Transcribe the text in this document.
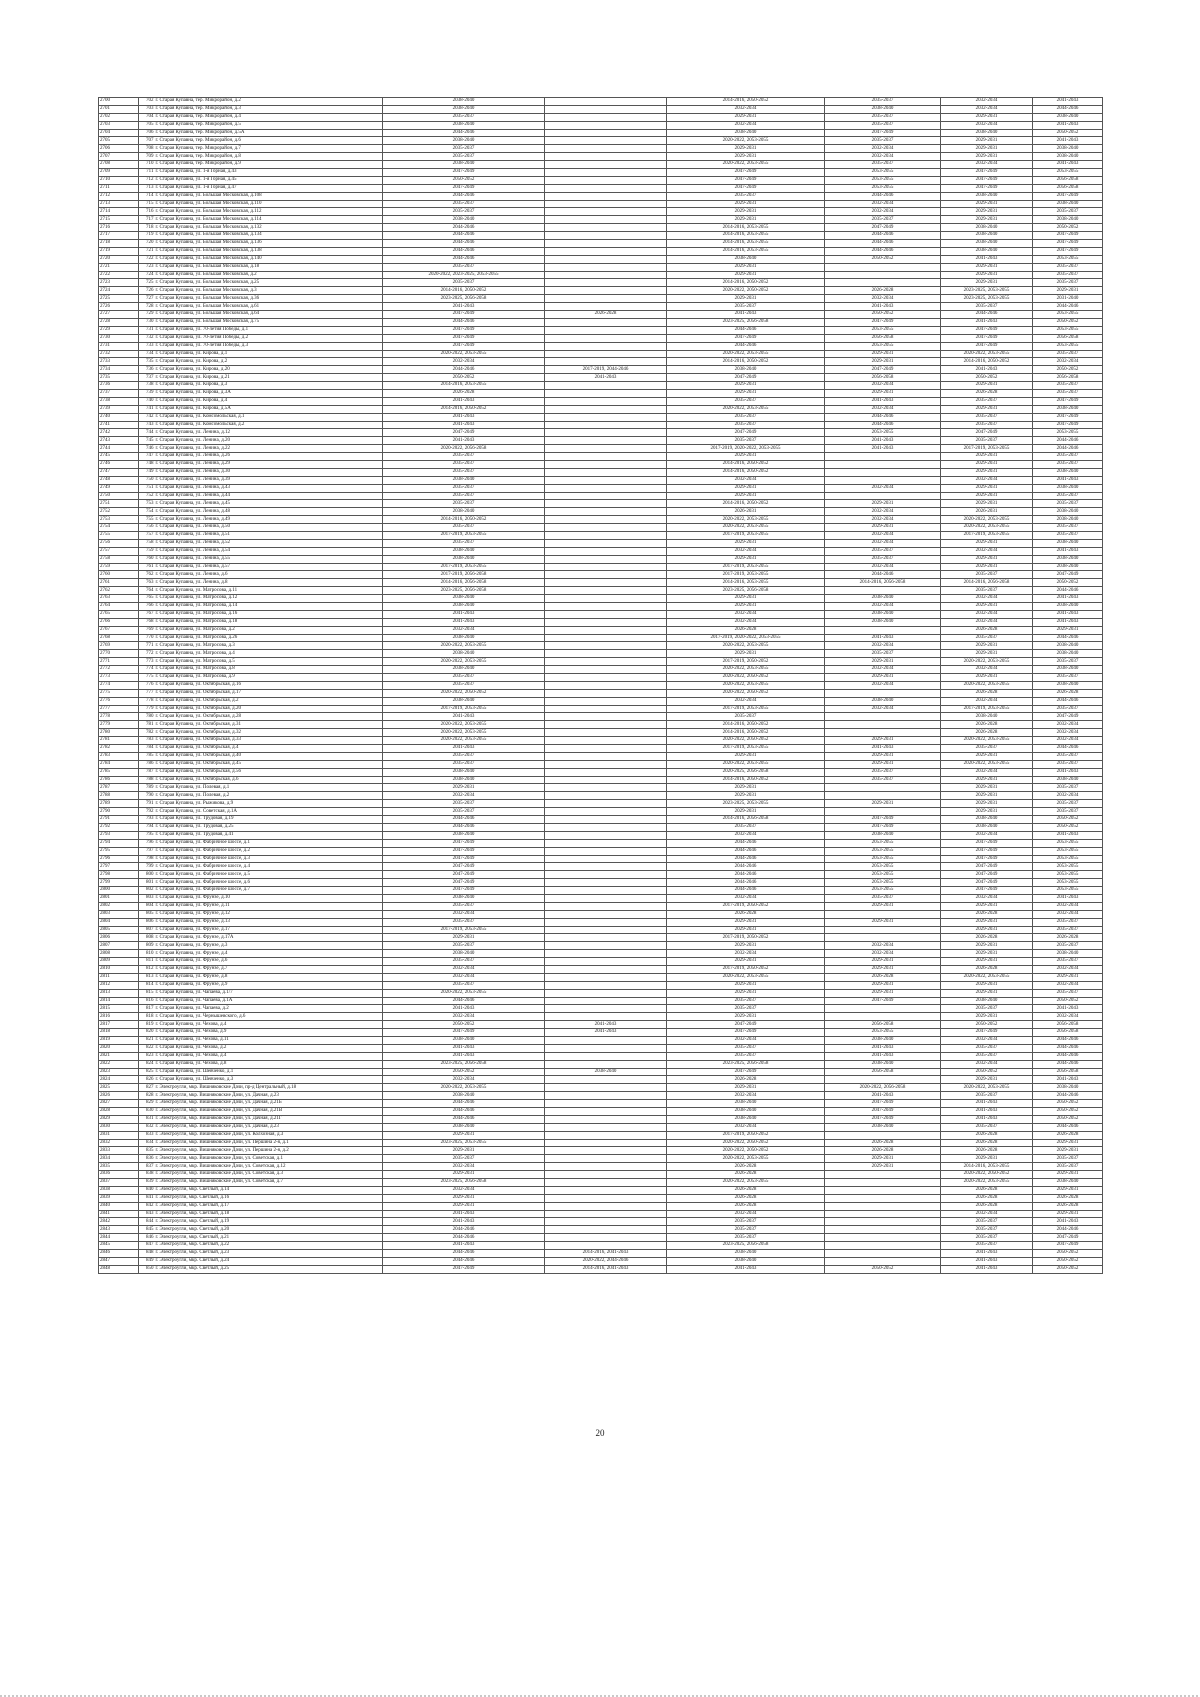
2700	702	г. Старая Купавна, тер. Микрорайон, д.2	2038-2040		2014-2016, 2050-2052	2035-2037	2032-2034	2041-2043
2701	703	г. Старая Купавна, тер. Микрорайон, д.3	2038-2040		2032-2034	2038-2040	2032-2034	2044-2046
2702	704	г. Старая Купавна, тер. Микрорайон, д.4	2035-2037		2029-2031	2035-2037	2029-2031	2038-2040
2703	705	г. Старая Купавна, тер. Микрорайон, д.5	2038-2040		2032-2034	2035-2037	2032-2034	2041-2043
2704	706	г. Старая Купавна, тер. Микрорайон, д.5А	2044-2046		2038-2040	2047-2049	2038-2040	2050-2052
2705	707	г. Старая Купавна, тер. Микрорайон, д.6	2038-2040		2020-2022, 2053-2055	2035-2037	2029-2031	2041-2043
2706	708	г. Старая Купавна, тер. Микрорайон, д.7	2035-2037		2029-2031	2032-2034	2029-2031	2038-2040
2707	709	г. Старая Купавна, тер. Микрорайон, д.8	2035-2037		2029-2031	2032-2034	2029-2031	2038-2040
2708	710	г. Старая Купавна, тер. Микрорайон, д.9	2038-2040		2020-2022, 2053-2055	2035-2037	2032-2034	2041-2043
2709	711	г. Старая Купавна, ул. 1-я Горная, д.43	2047-2049		2047-2049	2053-2055	2047-2049	2053-2055
2710	712	г. Старая Купавна, ул. 1-я Горная, д.45	2050-2052		2047-2049	2053-2055	2047-2049	2056-2058
2711	713	г. Старая Купавна, ул. 1-я Горная, д.47	2047-2049		2047-2049	2053-2055	2047-2049	2056-2058
2712	714	г. Старая Купавна, ул. Большая Московская, д.108	2044-2046		2035-2037	2044-2046	2038-2040	2047-2049
2713	715	г. Старая Купавна, ул. Большая Московская, д.110	2035-2037		2029-2031	2032-2034	2029-2031	2038-2040
2714	716	г. Старая Купавна, ул. Большая Московская, д.112	2035-2037		2029-2031	2032-2034	2029-2031	2035-2037
2715	717	г. Старая Купавна, ул. Большая Московская, д.114	2038-2040		2029-2031	2035-2037	2029-2031	2038-2040
2716	718	г. Старая Купавна, ул. Большая Московская, д.132	2044-2046		2014-2016, 2053-2055	2047-2049	2038-2040	2050-2052
2717	719	г. Старая Купавна, ул. Большая Московская, д.134	2044-2046		2014-2016, 2053-2055	2044-2046	2038-2040	2047-2049
2718	720	г. Старая Купавна, ул. Большая Московская, д.136	2044-2046		2014-2016, 2053-2055	2044-2046	2038-2040	2047-2049
2719	721	г. Старая Купавна, ул. Большая Московская, д.138	2044-2046		2014-2016, 2053-2055	2044-2046	2038-2040	2047-2049
2720	722	г. Старая Купавна, ул. Большая Московская, д.140	2044-2046		2038-2040	2050-2052	2041-2043	2053-2055
2721	723	г. Старая Купавна, ул. Большая Московская, д.18	2035-2037		2029-2031		2029-2031	2035-2037
2722	724	г. Старая Купавна, ул. Большая Московская, д.2	2020-2022, 2023-2025, 2053-2055		2029-2031		2029-2031	2035-2037
2723	725	г. Старая Купавна, ул. Большая Московская, д.25	2035-2037		2014-2016, 2050-2052		2029-2031	2035-2037
2724	726	г. Старая Купавна, ул. Большая Московская, д.3	2014-2016, 2050-2052		2020-2022, 2050-2052	2026-2028	2023-2025, 2053-2055	2029-2031
2725	727	г. Старая Купавна, ул. Большая Московская, д.36	2023-2025, 2056-2058		2029-2031	2032-2034	2023-2025, 2053-2055	2031-2040
2726	728	г. Старая Купавна, ул. Большая Московская, д.61	2041-2043		2035-2037	2041-2043	2035-2037	2044-2046
2727	729	г. Старая Купавна, ул. Большая Московская, д.64	2047-2049	2026-2028	2041-2043	2050-2052	2044-2046	2053-2055
2728	730	г. Старая Купавна, ул. Большая Московская, д.75	2044-2046		2023-2025, 2056-2058	2047-2049	2041-2043	2050-2052
2729	731	г. Старая Купавна, ул. 70-летия Победы, д.1	2047-2049		2044-2046	2053-2055	2047-2049	2053-2055
2730	732	г. Старая Купавна, ул. 70-летия Победы, д.2	2047-2049		2047-2049	2056-2058	2047-2049	2056-2058
2731	733	г. Старая Купавна, ул. 70-летия Победы, д.3	2047-2049		2044-2046	2053-2055	2047-2049	2053-2055
2732	734	г. Старая Купавна, ул. Кирова, д.1	2020-2022, 2053-2055		2020-2022, 2053-2055	2029-2031	2020-2022, 2053-2055	2035-2037
2733	735	г. Старая Купавна, ул. Кирова, д.2	2032-2034		2014-2016, 2050-2052	2029-2031	2014-2016, 2050-2052	2032-2034
2734	736	г. Старая Купавна, ул. Кирова, д.20	2044-2046	2017-2019, 2044-2046	2038-2040	2047-2049	2041-2043	2050-2052
2735	737	г. Старая Купавна, ул. Кирова, д.21	2050-2052	2041-2043	2047-2049	2056-2058	2050-2052	2056-2058
2736	738	г. Старая Купавна, ул. Кирова, д.3	2014-2016, 2053-2055		2029-2031	2032-2034	2029-2031	2035-2037
2737	739	г. Старая Купавна, ул. Кирова, д.3А	2026-2028		2029-2031	2029-2031	2026-2028	2035-2037
2738	740	г. Старая Купавна, ул. Кирова, д.4	2041-2043		2035-2037	2041-2043	2035-2037	2047-2049
2739	741	г. Старая Купавна, ул. Кирова, д.5А	2014-2016, 2050-2052		2020-2022, 2053-2055	2032-2034	2029-2031	2038-2040
2740	742	г. Старая Купавна, ул. Комсомольская, д.1	2041-2043		2035-2037	2044-2046	2035-2037	2047-2049
2741	743	г. Старая Купавна, ул. Комсомольская, д.2	2041-2043		2035-2037	2044-2046	2035-2037	2047-2049
2742	744	г. Старая Купавна, ул. Ленина, д.12	2047-2049		2047-2049	2053-2055	2047-2049	2053-2055
2743	745	г. Старая Купавна, ул. Ленина, д.20	2041-2043		2035-2037	2041-2043	2035-2037	2044-2046
2744	746	г. Старая Купавна, ул. Ленина, д.22	2020-2022, 2056-2058		2017-2019, 2020-2022, 2053-2055	2041-2043	2017-2019, 2053-2055	2044-2046
2745	747	г. Старая Купавна, ул. Ленина, д.26	2035-2037		2029-2031		2029-2031	2035-2037
2746	748	г. Старая Купавна, ул. Ленина, д.29	2035-2037		2014-2016, 2050-2052		2029-2031	2035-2037
2747	749	г. Старая Купавна, ул. Ленина, д.30	2035-2037		2014-2016, 2050-2052		2029-2031	2038-2040
2748	750	г. Старая Купавна, ул. Ленина, д.39	2038-2040		2032-2034		2032-2034	2041-2043
2749	751	г. Старая Купавна, ул. Ленина, д.43	2035-2037		2029-2031	2032-2034	2029-2031	2038-2040
2750	752	г. Старая Купавна, ул. Ленина, д.44	2035-2037		2029-2031		2029-2031	2035-2037
2751	753	г. Старая Купавна, ул. Ленина, д.45	2035-2037		2014-2016, 2050-2052	2029-2031	2029-2031	2035-2037
2752	754	г. Старая Купавна, ул. Ленина, д.48	2038-2040		2026-2031	2032-2034	2026-2031	2038-2040
2753	755	г. Старая Купавна, ул. Ленина, д.49	2014-2016, 2050-2052		2020-2022, 2053-2055	2032-2034	2020-2022, 2053-2055	2038-2040
2754	756	г. Старая Купавна, ул. Ленина, д.50	2035-2037		2020-2022, 2053-2055	2029-2031	2020-2022, 2053-2055	2035-2037
2755	757	г. Старая Купавна, ул. Ленина, д.51	2017-2019, 2053-2055		2017-2019, 2053-2055	2032-2034	2017-2019, 2053-2055	2035-2037
2756	758	г. Старая Купавна, ул. Ленина, д.52	2035-2037		2029-2031	2032-2034	2029-2031	2038-2040
2757	759	г. Старая Купавна, ул. Ленина, д.54	2038-2040		2032-2034	2035-2037	2032-2034	2041-2043
2758	760	г. Старая Купавна, ул. Ленина, д.55	2038-2040		2029-2031	2035-2037	2029-2031	2038-2040
2759	761	г. Старая Купавна, ул. Ленина, д.57	2017-2019, 2053-2055		2017-2019, 2053-2055	2032-2034	2029-2031	2038-2040
2760	762	г. Старая Купавна, ул. Ленина, д.6	2017-2019, 2056-2058		2017-2019, 2053-2055	2044-2046	2035-2037	2047-2049
2761	763	г. Старая Купавна, ул. Ленина, д.8	2014-2016, 2056-2058		2014-2016, 2053-2055	2014-2016, 2056-2058	2014-2016, 2056-2058	2050-2052
2762	764	г. Старая Купавна, ул. Матросова, д.11	2023-2025, 2056-2058		2023-2025, 2056-2058		2035-2037	2044-2046
2763	765	г. Старая Купавна, ул. Матросова, д.12	2038-2040		2029-2031	2038-2040	2032-2034	2041-2043
2764	766	г. Старая Купавна, ул. Матросова, д.14	2038-2040		2029-2031	2032-2034	2029-2031	2038-2040
2765	767	г. Старая Купавна, ул. Матросова, д.16	2041-2043		2032-2034	2038-2040	2032-2034	2041-2043
2766	768	г. Старая Купавна, ул. Матросова, д.18	2041-2043		2032-2034	2038-2040	2032-2034	2041-2043
2767	769	г. Старая Купавна, ул. Матросова, д.2	2032-2034		2026-2028		2026-2028	2029-2031
2768	770	г. Старая Купавна, ул. Матросова, д.26	2038-2040		2017-2019, 2020-2022, 2053-2055	2041-2043	2035-2037	2044-2046
2769	771	г. Старая Купавна, ул. Матросова, д.3	2020-2022, 2053-2055		2020-2022, 2053-2055	2032-2034	2029-2031	2038-2040
2770	772	г. Старая Купавна, ул. Матросова, д.4	2038-2040		2029-2031	2035-2037	2029-2031	2038-2040
2771	773	г. Старая Купавна, ул. Матросова, д.5	2020-2022, 2053-2055		2017-2019, 2050-2052	2029-2031	2020-2022, 2053-2055	2035-2037
2772	774	г. Старая Купавна, ул. Матросова, д.8	2038-2040		2020-2022, 2053-2055	2032-2034	2032-2034	2038-2040
2773	775	г. Старая Купавна, ул. Матросова, д.9	2035-2037		2020-2022, 2050-2052	2029-2031	2029-2031	2035-2037
2774	776	г. Старая Купавна, ул. Октябрьская, д.16	2035-2037		2020-2022, 2053-2055	2032-2034	2020-2022, 2053-2055	2038-2040
2775	777	г. Старая Купавна, ул. Октябрьская, д.17	2020-2022, 2050-2052		2020-2022, 2050-2052		2026-2028	2026-2028
2776	778	г. Старая Купавна, ул. Октябрьская, д.2	2038-2040		2032-2034	2038-2040	2032-2034	2044-2046
2777	779	г. Старая Купавна, ул. Октябрьская, д.20	2017-2019, 2053-2055		2017-2019, 2053-2055	2032-2034	2017-2019, 2053-2055	2035-2037
2778	780	г. Старая Купавна, ул. Октябрьская, д.28	2041-2043		2035-2037		2038-2040	2047-2049
2779	781	г. Старая Купавна, ул. Октябрьская, д.31	2020-2022, 2053-2055		2014-2016, 2050-2052		2026-2028	2032-2034
2780	782	г. Старая Купавна, ул. Октябрьская, д.32	2020-2022, 2053-2055		2014-2016, 2050-2052		2026-2028	2032-2034
2781	783	г. Старая Купавна, ул. Октябрьская, д.33	2020-2022, 2053-2055		2020-2022, 2050-2052	2029-2031	2020-2022, 2053-2055	2032-2034
2782	784	г. Старая Купавна, ул. Октябрьская, д.4	2041-2043		2017-2019, 2053-2055	2041-2043	2035-2037	2044-2046
2783	785	г. Старая Купавна, ул. Октябрьская, д.40	2035-2037		2029-2031	2029-2031	2029-2031	2035-2037
2784	786	г. Старая Купавна, ул. Октябрьская, д.45	2035-2037		2020-2022, 2053-2055	2029-2031	2020-2022, 2053-2055	2035-2037
2785	787	г. Старая Купавна, ул. Октябрьская, д.56	2038-2040		2020-2025, 2056-2058	2035-2037	2032-2034	2041-2043
2786	788	г. Старая Купавна, ул. Октябрьская, д.6	2038-2040		2014-2016, 2050-2052	2035-2037	2029-2031	2038-2040
2787	789	г. Старая Купавна, ул. Полевая, д.1	2029-2031		2029-2031		2029-2031	2035-2037
2788	790	г. Старая Купавна, ул. Полевая, д.2	2032-2034		2029-2031		2029-2031	2032-2034
2789	791	г. Старая Купавна, ул. Рыжикова, д.9	2035-2037		2023-2025, 2053-2055	2029-2031	2029-2031	2035-2037
2790	792	г. Старая Купавна, ул. Советская, д.1А	2035-2037		2029-2031		2029-2031	2035-2037
2791	793	г. Старая Купавна, ул. Трудовая, д.19	2044-2046		2014-2016, 2056-2058	2047-2049	2038-2040	2050-2052
2792	794	г. Старая Купавна, ул. Трудовая, д.25	2044-2046		2035-2037	2047-2049	2038-2040	2050-2052
2793	795	г. Старая Купавна, ул. Трудовая, д.41	2038-2040		2032-2034	2038-2040	2032-2034	2041-2043
2794	796	г. Старая Купавна, ул. Фабричное шоссе, д.1	2047-2049		2044-2046	2053-2055	2047-2049	2053-2055
2795	797	г. Старая Купавна, ул. Фабричное шоссе, д.2	2047-2049		2044-2046	2053-2055	2047-2049	2053-2055
2796	798	г. Старая Купавна, ул. Фабричное шоссе, д.3	2047-2049		2044-2046	2053-2055	2047-2049	2053-2055
2797	799	г. Старая Купавна, ул. Фабричное шоссе, д.4	2047-2049		2044-2046	2053-2055	2047-2049	2053-2055
2798	800	г. Старая Купавна, ул. Фабричное шоссе, д.5	2047-2049		2044-2046	2053-2055	2047-2049	2053-2055
2799	801	г. Старая Купавна, ул. Фабричное шоссе, д.6	2047-2049		2044-2046	2053-2055	2047-2049	2053-2055
2800	802	г. Старая Купавна, ул. Фабричное шоссе, д.7	2047-2049		2044-2046	2053-2055	2047-2049	2053-2055
2801	803	г. Старая Купавна, ул. Фрунзе, д.10	2038-2040		2032-2034	2035-2037	2032-2034	2041-2043
2802	804	г. Старая Купавна, ул. Фрунзе, д.11	2035-2037		2017-2019, 2050-2052	2029-2031	2029-2031	2032-2034
2803	805	г. Старая Купавна, ул. Фрунзе, д.12	2032-2034		2026-2028		2026-2028	2032-2034
2804	806	г. Старая Купавна, ул. Фрунзе, д.13	2035-2037		2029-2031	2029-2031	2029-2031	2035-2037
2805	807	г. Старая Купавна, ул. Фрунзе, д.17	2017-2019, 2053-2055		2029-2031		2029-2031	2035-2037
2806	808	г. Старая Купавна, ул. Фрунзе, д.17А	2029-2031		2017-2019, 2050-2052		2026-2028	2026-2028
2807	809	г. Старая Купавна, ул. Фрунзе, д.3	2035-2037		2029-2031	2032-2034	2029-2031	2035-2037
2808	810	г. Старая Купавна, ул. Фрунзе, д.4	2038-2040		2032-2034	2032-2034	2029-2031	2038-2040
2809	811	г. Старая Купавна, ул. Фрунзе, д.6	2035-2037		2029-2031	2029-2031	2029-2031	2035-2037
2810	812	г. Старая Купавна, ул. Фрунзе, д.7	2032-2034		2017-2019, 2050-2052	2029-2031	2026-2028	2032-2034
2811	813	г. Старая Купавна, ул. Фрунзе, д.8	2032-2034		2020-2022, 2053-2055	2026-2028	2020-2022, 2053-2055	2029-2031
2812	814	г. Старая Купавна, ул. Фрунзе, д.9	2035-2037		2029-2031	2029-2031	2029-2031	2032-2034
2813	815	г. Старая Купавна, ул. Чапаева, д.1/7	2020-2022, 2053-2055		2029-2031	2029-2031	2029-2031	2035-2037
2814	816	г. Старая Купавна, ул. Чапаева, д.1А	2044-2046		2035-2037	2047-2049	2038-2040	2050-2052
2815	817	г. Старая Купавна, ул. Чапаева, д.2	2041-2043		2035-2037		2035-2037	2041-2043
2816	818	г. Старая Купавна, ул. Чернышевского, д.6	2032-2034		2029-2031		2029-2031	2032-2034
2817	819	г. Старая Купавна, ул. Чехова, д.4	2050-2052	2041-2043	2047-2049	2056-2058	2050-2052	2056-2058
2818	820	г. Старая Купавна, ул. Чехова, д.9	2047-2049	2041-2043	2047-2049	2053-2055	2047-2049	2056-2058
2819	821	г. Старая Купавна, ул. Чехова, д.11	2038-2040		2032-2034	2038-2040	2032-2034	2044-2046
2820	822	г. Старая Купавна, ул. Чехова, д.2	2041-2043		2035-2037	2041-2043	2035-2037	2044-2046
2821	823	г. Старая Купавна, ул. Чехова, д.4	2041-2043		2035-2037	2041-2043	2035-2037	2044-2046
2822	824	г. Старая Купавна, ул. Чехова, д.8	2023-2025, 2056-2058		2023-2025, 2056-2058	2038-2040	2032-2034	2044-2046
2823	825	г. Старая Купавна, ул. Шевченко, д.1	2050-2052	2038-2040	2047-2049	2056-2058	2050-2052	2056-2058
2824	826	г. Старая Купавна, ул. Шевченко, д.3	2032-2034		2026-2028		2029-2031	2041-2043
2825	827	г. Электроугли, мкр. Вишняковские Дачи, пр-д Центральный, д.18	2020-2022, 2053-2055		2029-2031	2020-2022, 2056-2058	2020-2022, 2053-2055	2038-2040
2826	828	г. Электроугли, мкр. Вишняковские Дачи, ул. Дачная, д.23	2038-2040		2032-2034	2041-2043	2035-2037	2044-2046
2827	829	г. Электроугли, мкр. Вишняковские Дачи, ул. Дачная, д.21Б	2044-2046		2038-2040	2047-2049	2041-2043	2050-2052
2828	830	г. Электроугли, мкр. Вишняковские Дачи, ул. Дачная, д.21В	2044-2046		2038-2040	2047-2049	2041-2043	2050-2052
2829	831	г. Электроугли, мкр. Вишняковские Дачи, ул. Дачная, д.21Г	2044-2046		2038-2040	2047-2049	2041-2043	2050-2052
2830	832	г. Электроугли, мкр. Вишняковские Дачи, ул. Дачная, д.23	2038-2040		2032-2034	2038-2040	2035-2037	2044-2046
2831	833	г. Электроугли, мкр. Вишняковские Дачи, ул. Колхозная, д.3	2029-2031		2017-2019, 2050-2052		2026-2028	2026-2028
2832	834	г. Электроугли, мкр. Вишняковские Дачи, ул. Першина 2-я, д.1	2023-2025, 2053-2055		2020-2022, 2050-2052	2026-2028	2026-2028	2029-2031
2833	835	г. Электроугли, мкр. Вишняковские Дачи, ул. Першина 2-я, д.2	2029-2031		2020-2022, 2050-2052	2026-2028	2026-2028	2029-2031
2834	836	г. Электроугли, мкр. Вишняковские Дачи, ул. Советская, д.1	2035-2037		2020-2022, 2053-2055	2029-2031	2029-2031	2035-2037
2835	837	г. Электроугли, мкр. Вишняковские Дачи, ул. Советская, д.12	2032-2034		2026-2028	2029-2031	2014-2016, 2053-2055	2035-2037
2836	838	г. Электроугли, мкр. Вишняковские Дачи, ул. Советская, д.3	2029-2031		2026-2028		2020-2022, 2050-2052	2029-2031
2837	839	г. Электроугли, мкр. Вишняковские Дачи, ул. Советская, д.7	2023-2025, 2056-2058		2020-2022, 2053-2055		2020-2022, 2053-2055	2038-2040
2838	840	г. Электроугли, мкр. Светлый, д.14	2032-2034		2026-2028		2026-2028	2029-2031
2839	841	г. Электроугли, мкр. Светлый, д.16	2029-2031		2026-2028		2026-2028	2026-2028
2840	842	г. Электроугли, мкр. Светлый, д.17	2029-2031		2026-2028		2026-2028	2026-2028
2841	843	г. Электроугли, мкр. Светлый, д.18	2041-2043		2032-2034		2032-2034	2029-2031
2842	844	г. Электроугли, мкр. Светлый, д.19	2041-2043		2035-2037		2035-2037	2041-2043
2843	845	г. Электроугли, мкр. Светлый, д.20	2044-2046		2035-2037		2035-2037	2044-2046
2844	846	г. Электроугли, мкр. Светлый, д.21	2044-2046		2035-2037		2035-2037	2047-2049
2845	847	г. Электроугли, мкр. Светлый, д.22	2041-2043		2023-2025, 2056-2058		2035-2037	2047-2049
2846	848	г. Электроугли, мкр. Светлый, д.23	2044-2046	2014-2016, 2041-2043	2038-2040		2041-2043	2050-2052
2847	849	г. Электроугли, мкр. Светлый, д.24	2044-2046	2020-2022, 2044-2046	2038-2040		2041-2043	2050-2052
2848	850	г. Электроугли, мкр. Светлый, д.25	2047-2049	2014-2016, 2041-2043	2041-2043	2050-2052	2041-2043	2050-2052
20
